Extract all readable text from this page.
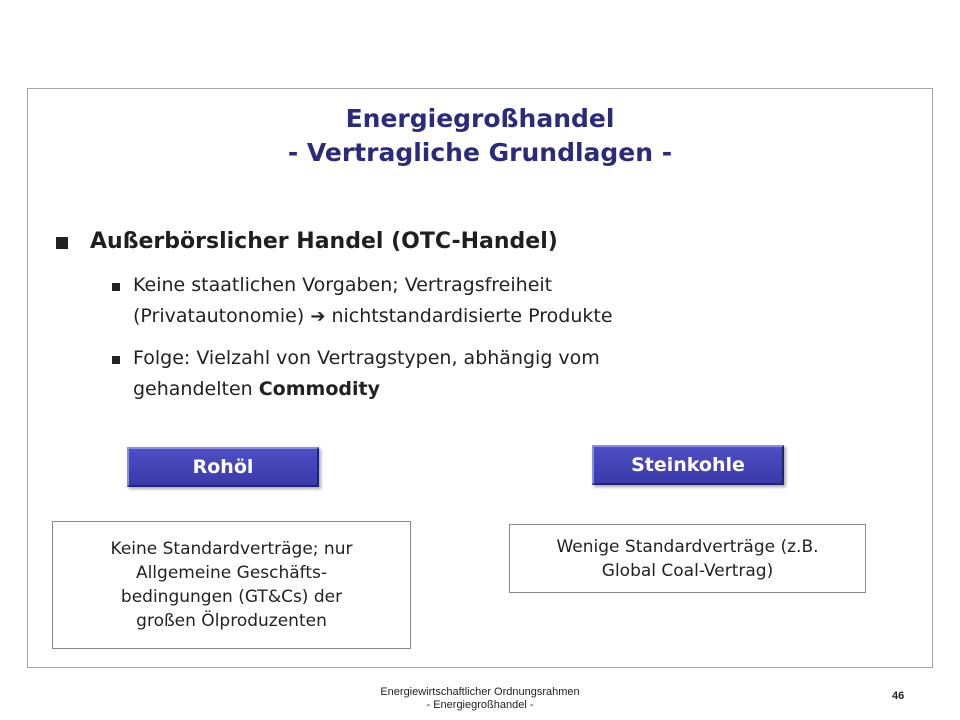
Energiegroßhandel
- Vertragliche Grundlagen -
Außerbörslicher Handel (OTC-Handel)
Keine staatlichen Vorgaben; Vertragsfreiheit
(Privatautonomie) ➔ nichtstandardisierte Produkte
Folge: Vielzahl von Vertragstypen, abhängig vom
gehandelten Commodity
Rohöl	Steinkohle
Keine Standardverträge; nur
Allgemeine Geschäfts-
bedingungen (GT&Cs) der
großen Ölproduzenten
Wenige Standardverträge (z.B.
Global Coal-Vertrag)
Energiewirtschaftlicher Ordnungsrahmen
- Energiegroßhandel -
46
